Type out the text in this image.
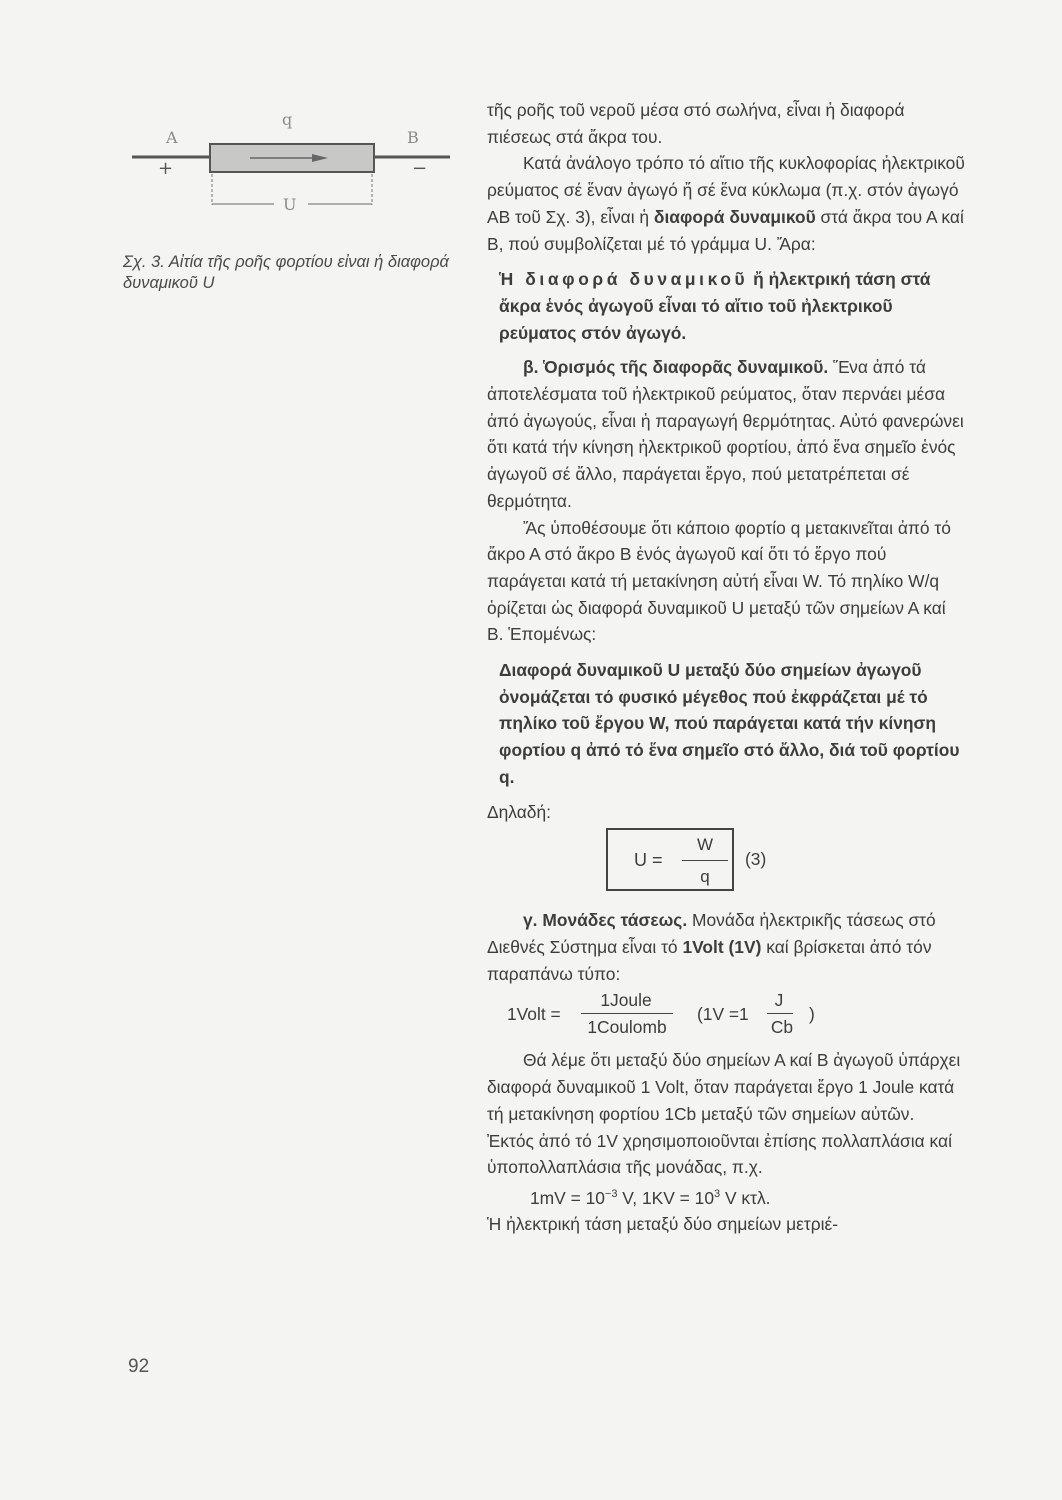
A
q
B
+	−
U
Σχ. 3. Αἰτία τῆς ροῆς φορτίου εἰναι ἡ διαφορά δυναμικοῦ U

τῆς ροῆς τοῦ νεροῦ μέσα στό σωλήνα, εἶναι ἡ διαφορά πιέσεως στά ἄκρα του.

Κατά ἀνάλογο τρόπο τό αἴτιο τῆς κυκλοφορίας ἠλεκτρικοῦ ρεύματος σέ ἕναν ἀγωγό ἤ σέ ἕνα κύκλωμα (π.χ. στόν ἀγωγό ΑΒ τοῦ Σχ. 3), εἶναι ἡ διαφορά δυναμικοῦ στά ἄκρα του Α καί Β, πού συμβολίζεται μέ τό γράμμα U. Ἄρα:

Ἡ διαφορά δυναμικοῦ ἤ ἠλεκτρική τάση στά ἄκρα ἑνός ἀγωγοῦ εἶναι τό αἴτιο τοῦ ἠλεκτρικοῦ ρεύματος στόν ἀγωγό.

β. Ὁρισμός τῆς διαφορᾶς δυναμικοῦ. Ἕνα ἀπό τά ἀποτελέσματα τοῦ ἠλεκτρικοῦ ρεύματος, ὅταν περνάει μέσα ἀπό ἀγωγούς, εἶναι ἡ παραγωγή θερμότητας. Αὐτό φανερώνει ὅτι κατά τήν κίνηση ἠλεκτρικοῦ φορτίου, ἀπό ἕνα σημεῖο ἑνός ἀγωγοῦ σέ ἄλλο, παράγεται ἔργο, πού μετατρέπεται σέ θερμότητα.

Ἄς ὑποθέσουμε ὅτι κάποιο φορτίο q μετακινεῖται ἀπό τό ἄκρο Α στό ἄκρο Β ἑνός ἀγωγοῦ καί ὅτι τό ἔργο πού παράγεται κατά τή μετακίνηση αὐτή εἶναι W. Τό πηλίκο W/q ὁρίζεται ὡς διαφορά δυναμικοῦ U μεταξύ τῶν σημείων Α καί Β. Ἑπομένως:

Διαφορά δυναμικοῦ U μεταξύ δύο σημείων ἀγωγοῦ ὀνομάζεται τό φυσικό μέγεθος πού ἐκφράζεται μέ τό πηλίκο τοῦ ἔργου W, πού παράγεται κατά τήν κίνηση φορτίου q ἀπό τό ἕνα σημεῖο στό ἄλλο, διά τοῦ φορτίου q.

Δηλαδή:

U =
W
q
(3)

γ. Μονάδες τάσεως. Μονάδα ἠλεκτρικῆς τάσεως στό Διεθνές Σύστημα εἶναι τό 1Volt (1V) καί βρίσκεται ἀπό τόν παραπάνω τύπο:

1Volt =
1Joule
1Coulomb
(1V =1
J
Cb
)

Θά λέμε ὅτι μεταξύ δύο σημείων Α καί Β ἀγωγοῦ ὑπάρχει διαφορά δυναμικοῦ 1 Volt, ὅταν παράγεται ἔργο 1 Joule κατά τή μετακίνηση φορτίου 1Cb μεταξύ τῶν σημείων αὐτῶν. Ἐκτός ἀπό τό 1V χρησιμοποιοῦνται ἐπίσης πολλαπλάσια καί ὑποπολλαπλάσια τῆς μονάδας, π.χ.

$1mV = 10^{-3}$ V, $1KV = 10^3$ V κτλ.

Ἡ ἠλεκτρική τάση μεταξύ δύο σημείων μετριέ-

92
